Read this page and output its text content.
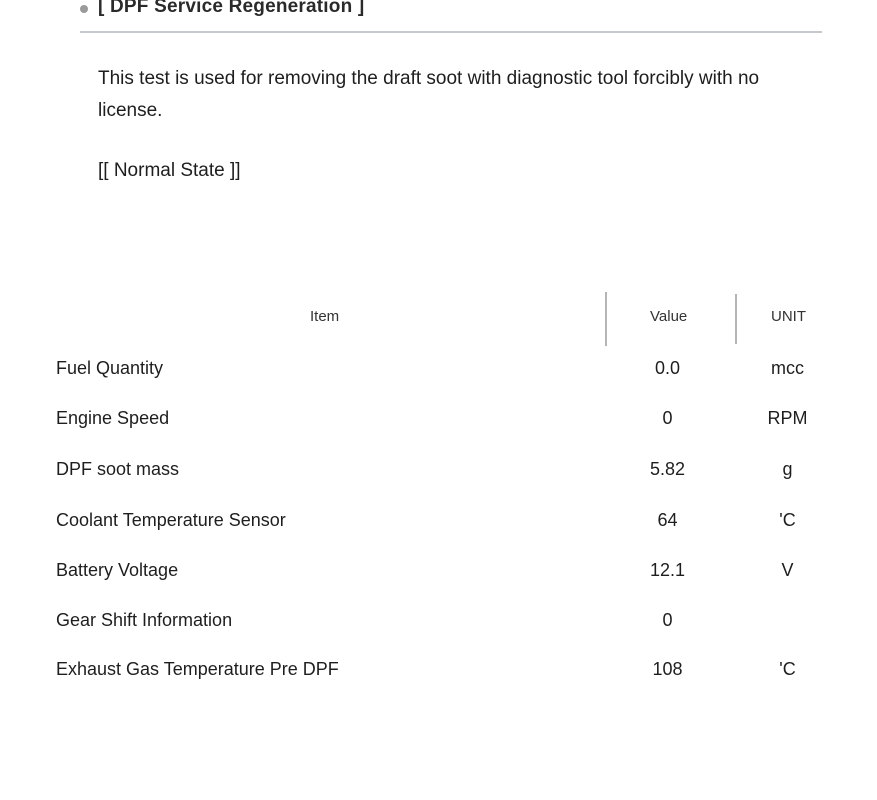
[ DPF Service Regeneration ]
This test is used for removing the draft soot with diagnostic tool forcibly with no license.
[[ Normal State ]]
Item	Value	UNIT
Fuel Quantity	0.0	mcc
Engine Speed	0	RPM
DPF soot mass	5.82	g
Coolant Temperature Sensor	64	'C
Battery Voltage	12.1	V
Gear Shift Information	0
Exhaust Gas Temperature Pre DPF	108	'C
